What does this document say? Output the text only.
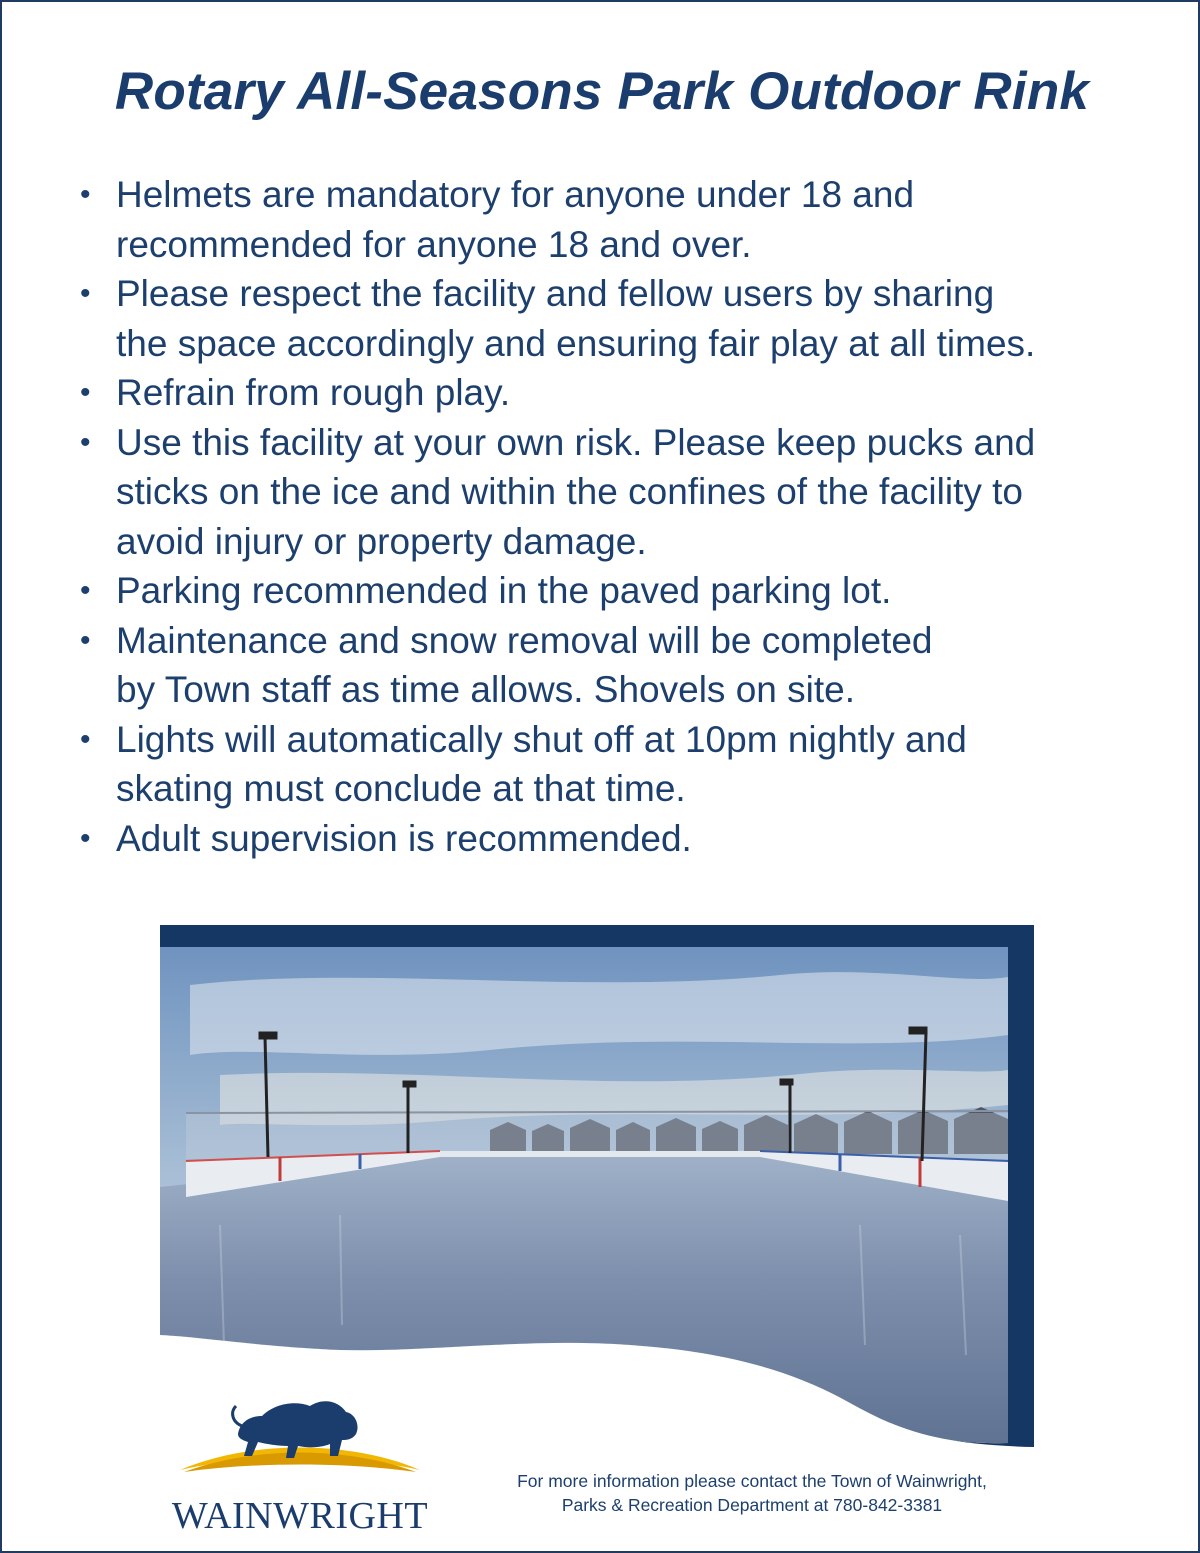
Rotary All-Seasons Park Outdoor Rink
• Helmets are mandatory for anyone under 18 and
recommended for anyone 18 and over.
• Please respect the facility and fellow users by sharing
the space accordingly and ensuring fair play at all times.
• Refrain from rough play.
• Use this facility at your own risk. Please keep pucks and
sticks on the ice and within the confines of the facility to
avoid injury or property damage.
• Parking recommended in the paved parking lot.
• Maintenance and snow removal will be completed
by Town staff as time allows. Shovels on site.
• Lights will automatically shut off at 10pm nightly and
skating must conclude at that time.
• Adult supervision is recommended.
WAINWRIGHT
For more information please contact the Town of Wainwright,
Parks & Recreation Department at 780-842-3381
